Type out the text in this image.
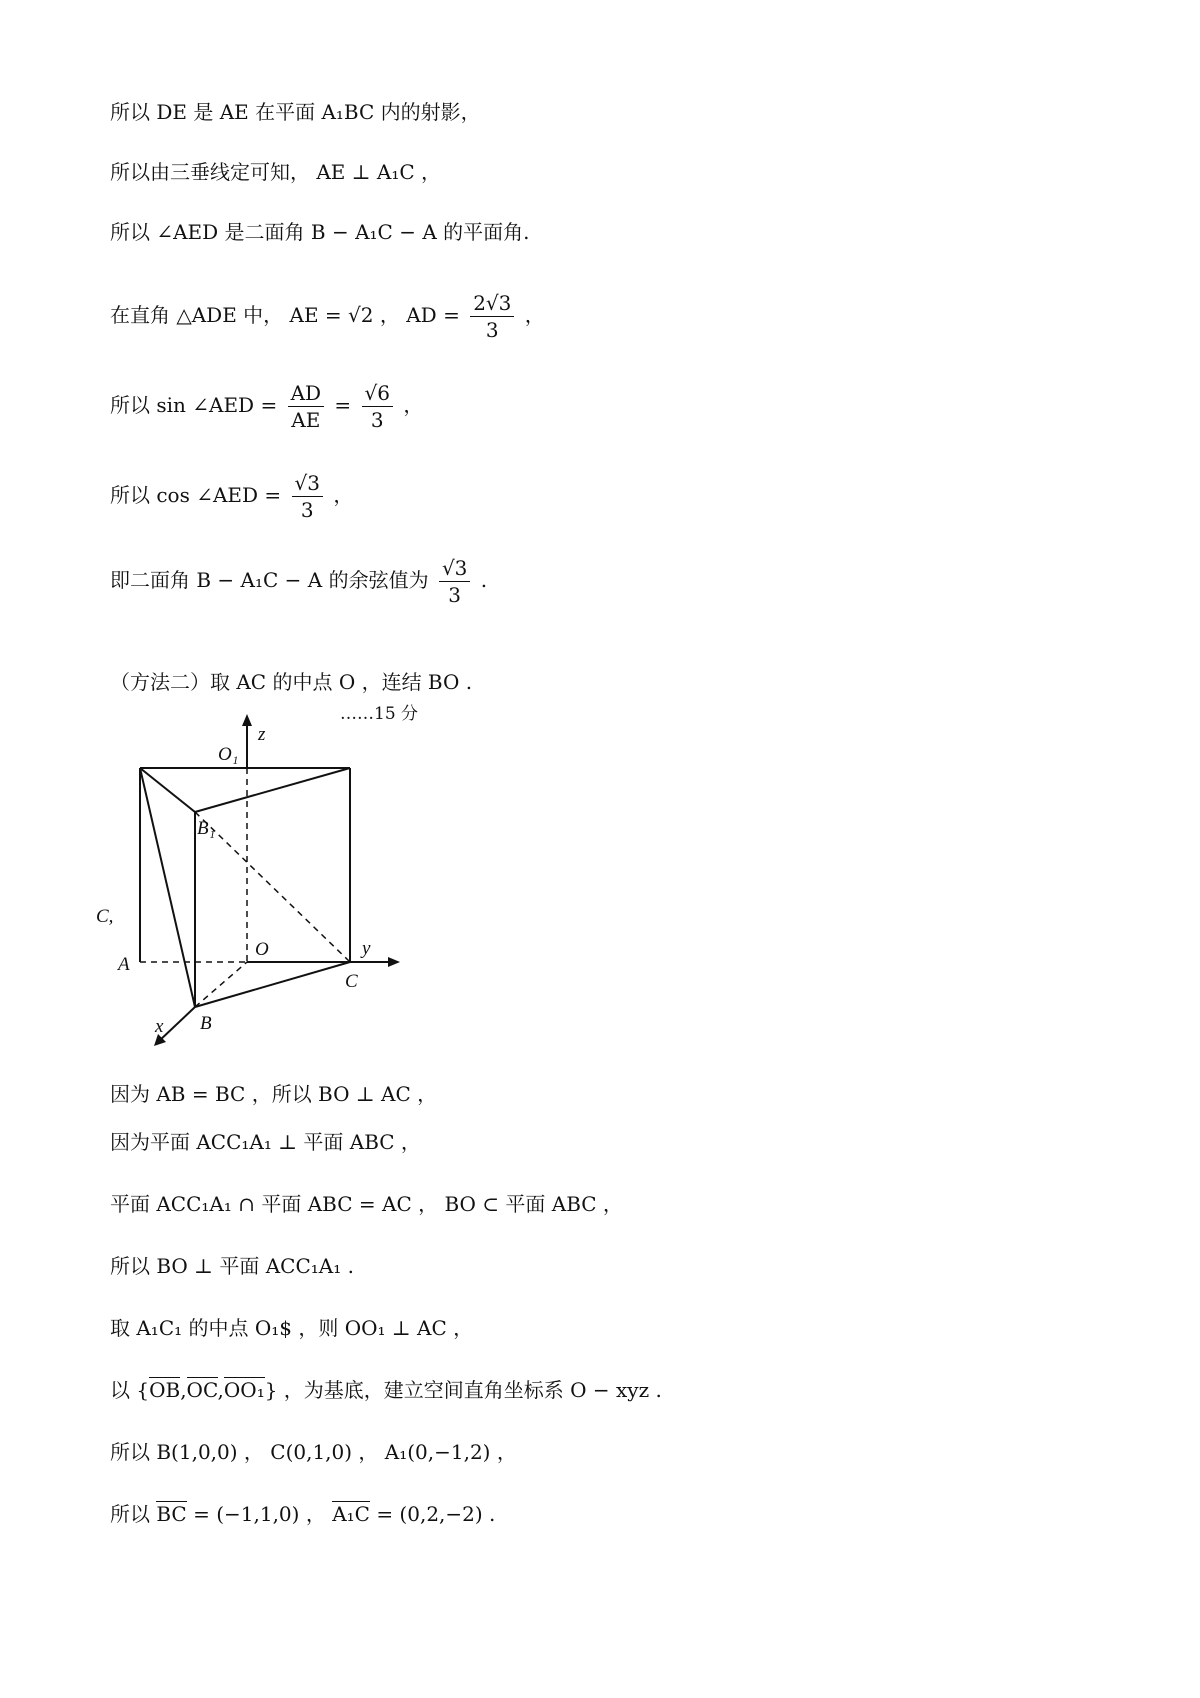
所以 DE 是 AE 在平面 A₁BC 内的射影，
所以由三垂线定可知， AE ⊥ A₁C ，
所以 ∠AED 是二面角 B − A₁C − A 的平面角.
在直角 △ADE 中， AE = √2 ， AD = $\frac{2√3}{3}$ ，
所以 sin ∠AED = $\frac{AD}{AE} = \frac{√6}{3}$ ，
所以 cos ∠AED = $\frac{√3}{3}$ ，
即二面角 B − A₁C − A 的余弦值为 $\frac{√3}{3}$ .
（方法二）取 AC 的中点 O ，连结 BO .
……15 分
O₁
z
B₁
O	y
A
C
x B
C,
因为 AB = BC ，所以 BO ⊥ AC ，
因为平面 ACC₁A₁ ⊥ 平面 ABC ，
平面 ACC₁A₁ ∩ 平面 ABC = AC ， BO ⊂ 平面 ABC ，
所以 BO ⊥ 平面 ACC₁A₁ .
取 A₁C₁ 的中点 O₁$ ，则 OO₁ ⊥ AC ，
以 {OB,OC,OO₁} ，为基底，建立空间直角坐标系 O − xyz .
所以 B(1,0,0) ， C(0,1,0) ， A₁(0,−1,2) ，
所以 BC = (−1,1,0) ， A₁C = (0,2,−2) .
